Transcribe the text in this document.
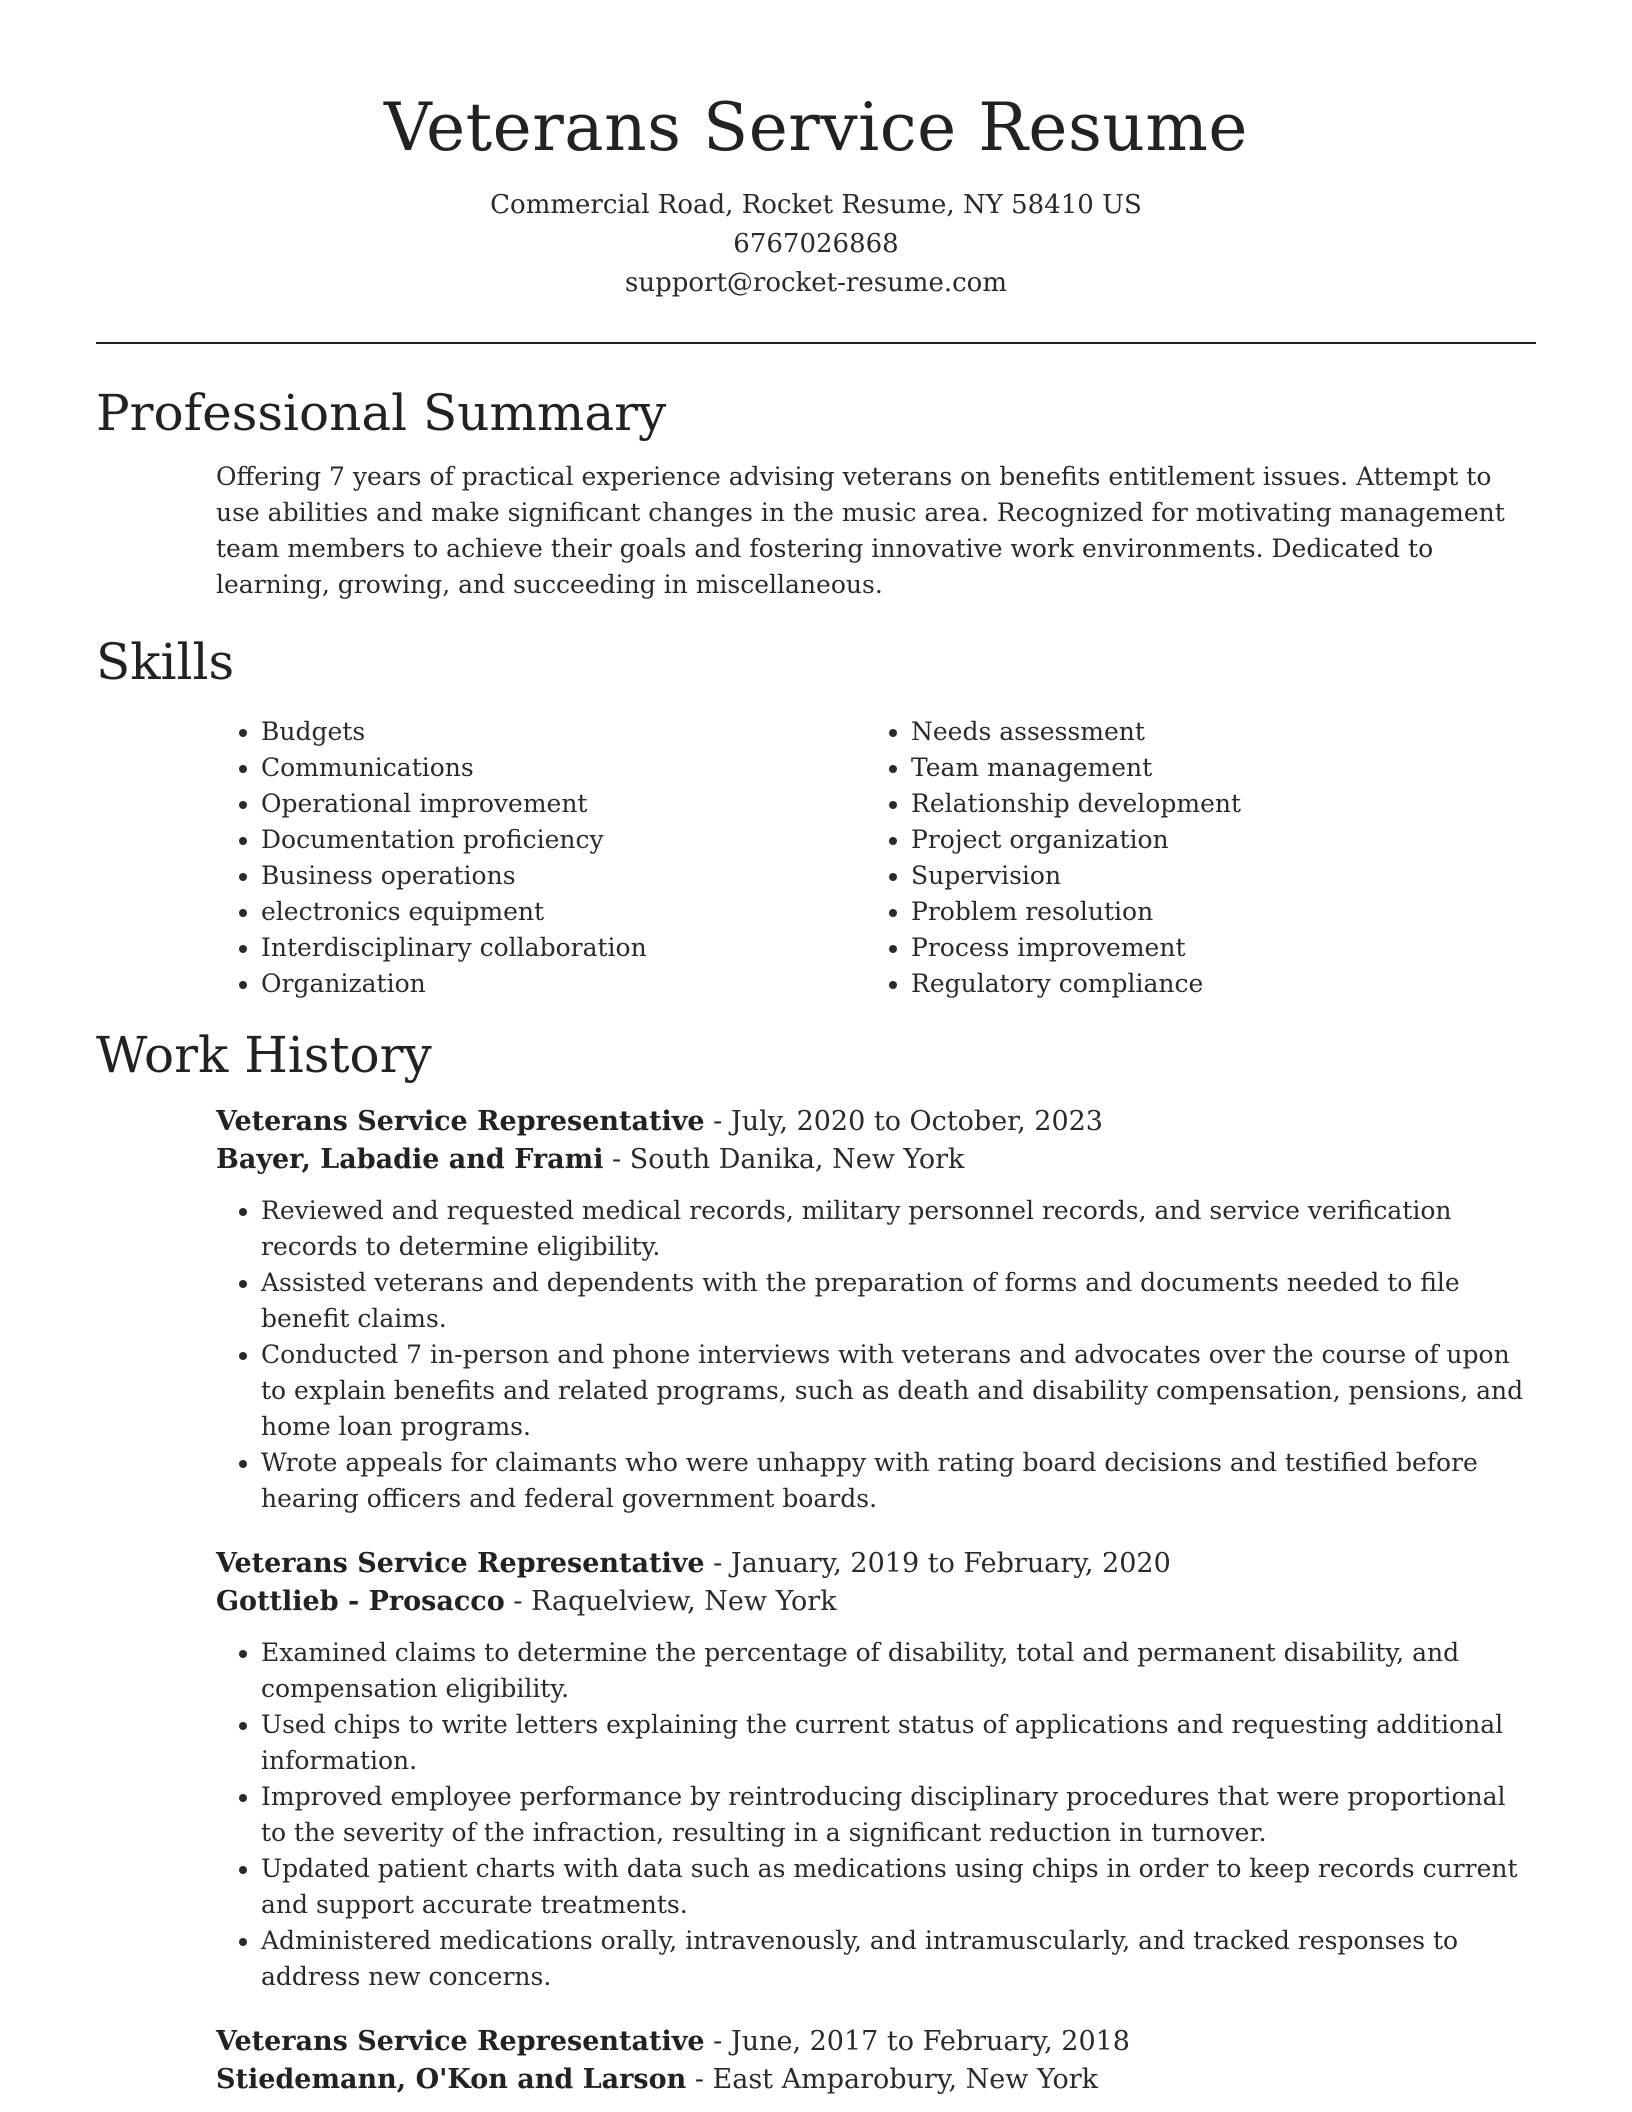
Veterans Service Resume
Commercial Road, Rocket Resume, NY 58410 US
6767026868
support@rocket-resume.com
Professional Summary
Offering 7 years of practical experience advising veterans on benefits entitlement issues. Attempt to use abilities and make significant changes in the music area. Recognized for motivating management team members to achieve their goals and fostering innovative work environments. Dedicated to learning, growing, and succeeding in miscellaneous.
Skills
• Budgets
• Communications
• Operational improvement
• Documentation proficiency
• Business operations
• electronics equipment
• Interdisciplinary collaboration
• Organization
• Needs assessment
• Team management
• Relationship development
• Project organization
• Supervision
• Problem resolution
• Process improvement
• Regulatory compliance
Work History
Veterans Service Representative - July, 2020 to October, 2023
Bayer, Labadie and Frami - South Danika, New York
• Reviewed and requested medical records, military personnel records, and service verification records to determine eligibility.
• Assisted veterans and dependents with the preparation of forms and documents needed to file benefit claims.
• Conducted 7 in-person and phone interviews with veterans and advocates over the course of upon to explain benefits and related programs, such as death and disability compensation, pensions, and home loan programs.
• Wrote appeals for claimants who were unhappy with rating board decisions and testified before hearing officers and federal government boards.
Veterans Service Representative - January, 2019 to February, 2020
Gottlieb - Prosacco - Raquelview, New York
• Examined claims to determine the percentage of disability, total and permanent disability, and compensation eligibility.
• Used chips to write letters explaining the current status of applications and requesting additional information.
• Improved employee performance by reintroducing disciplinary procedures that were proportional to the severity of the infraction, resulting in a significant reduction in turnover.
• Updated patient charts with data such as medications using chips in order to keep records current and support accurate treatments.
• Administered medications orally, intravenously, and intramuscularly, and tracked responses to address new concerns.
Veterans Service Representative - June, 2017 to February, 2018
Stiedemann, O'Kon and Larson - East Amparobury, New York
